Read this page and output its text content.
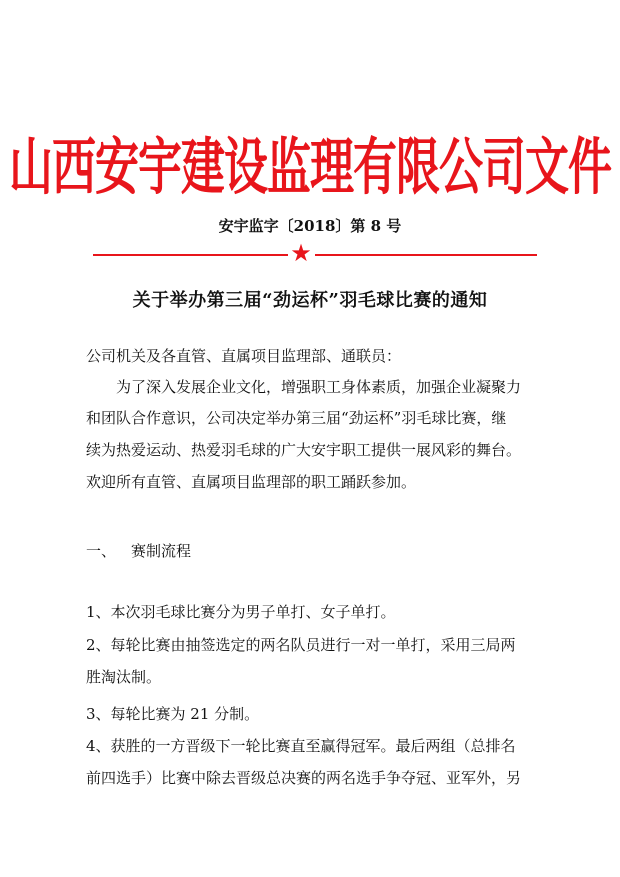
山西安宇建设监理有限公司文件
安宇监字〔2018〕第 8 号
★
关于举办第三届“劲运杯”羽毛球比赛的通知
公司机关及各直管、直属项目监理部、通联员：
为了深入发展企业文化，增强职工身体素质，加强企业凝聚力
和团队合作意识，公司决定举办第三届“劲运杯”羽毛球比赛，继
续为热爱运动、热爱羽毛球的广大安宇职工提供一展风彩的舞台。
欢迎所有直管、直属项目监理部的职工踊跃参加。
一、 赛制流程
1、本次羽毛球比赛分为男子单打、女子单打。
2、每轮比赛由抽签选定的两名队员进行一对一单打，采用三局两
胜淘汰制。
3、每轮比赛为 21 分制。
4、获胜的一方晋级下一轮比赛直至赢得冠军。最后两组（总排名
前四选手）比赛中除去晋级总决赛的两名选手争夺冠、亚军外，另
